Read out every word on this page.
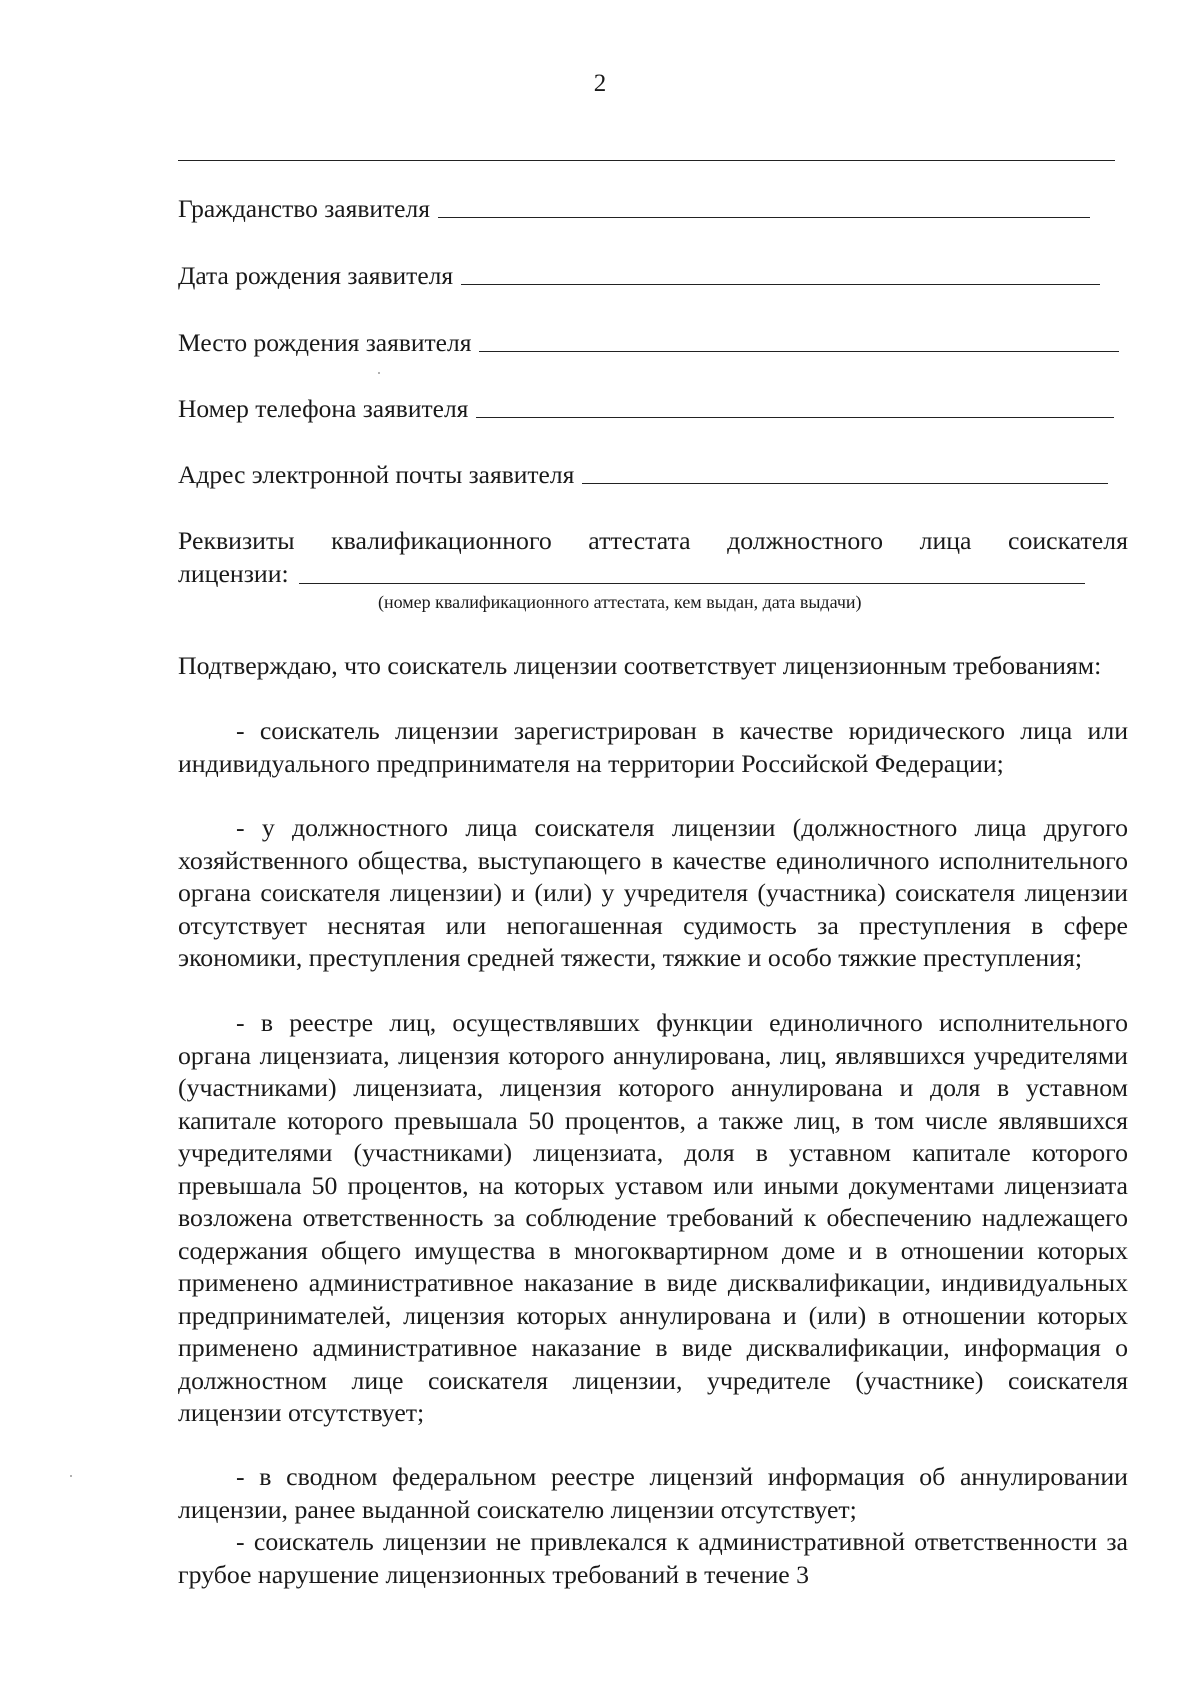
2
Гражданство заявителя
Дата рождения заявителя
Место рождения заявителя
Номер телефона заявителя
Адрес электронной почты заявителя
Реквизиты квалификационного аттестата должностного лица соискателя
лицензии:
(номер квалификационного аттестата, кем выдан, дата выдачи)
Подтверждаю, что соискатель лицензии соответствует лицензионным требованиям:
- соискатель лицензии зарегистрирован в качестве юридического лица или индивидуального предпринимателя на территории Российской Федерации;
- у должностного лица соискателя лицензии (должностного лица другого хозяйственного общества, выступающего в качестве единоличного исполнительного органа соискателя лицензии) и (или) у учредителя (участника) соискателя лицензии отсутствует неснятая или непогашенная судимость за преступления в сфере экономики, преступления средней тяжести, тяжкие и особо тяжкие преступления;
- в реестре лиц, осуществлявших функции единоличного исполнительного органа лицензиата, лицензия которого аннулирована, лиц, являвшихся учредителями (участниками) лицензиата, лицензия которого аннулирована и доля в уставном капитале которого превышала 50 процентов, а также лиц, в том числе являвшихся учредителями (участниками) лицензиата, доля в уставном капитале которого превышала 50 процентов, на которых уставом или иными документами лицензиата возложена ответственность за соблюдение требований к обеспечению надлежащего содержания общего имущества в многоквартирном доме и в отношении которых применено административное наказание в виде дисквалификации, индивидуальных предпринимателей, лицензия которых аннулирована и (или) в отношении которых применено административное наказание в виде дисквалификации, информация о должностном лице соискателя лицензии, учредителе (участнике) соискателя лицензии отсутствует;
- в сводном федеральном реестре лицензий информация об аннулировании лицензии, ранее выданной соискателю лицензии отсутствует;
- соискатель лицензии не привлекался к административной ответственности за грубое нарушение лицензионных требований в течение 3
